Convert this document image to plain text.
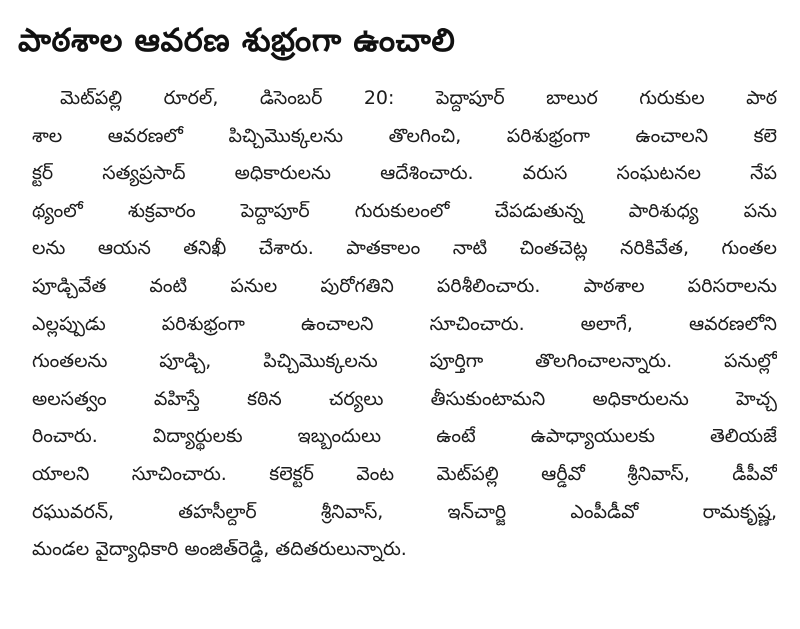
పాఠశాల ఆవరణ శుభ్రంగా ఉంచాలి
మెట్‌పల్లి రూరల్, డిసెంబర్ 20: పెద్దాపూర్ బాలుర గురుకుల పాఠ
శాల ఆవరణలో పిచ్చిమొక్కలను తొలగించి, పరిశుభ్రంగా ఉంచాలని కలె
క్టర్ సత్యప్రసాద్ అధికారులను ఆదేశించారు. వరుస సంఘటనల నేప
థ్యంలో శుక్రవారం పెద్దాపూర్ గురుకులంలో చేపడుతున్న పారిశుధ్య పను
లను ఆయన తనిఖీ చేశారు. పాతకాలం నాటి చింతచెట్ల నరికివేత, గుంతల
పూడ్చివేత వంటి పనుల పురోగతిని పరిశీలించారు. పాఠశాల పరిసరాలను
ఎల్లప్పుడు పరిశుభ్రంగా ఉంచాలని సూచించారు. అలాగే, ఆవరణలోని
గుంతలను పూడ్చి, పిచ్చిమొక్కలను పూర్తిగా తొలగించాలన్నారు. పనుల్లో
అలసత్వం వహిస్తే కఠిన చర్యలు తీసుకుంటామని అధికారులను హెచ్చ
రించారు. విద్యార్థులకు ఇబ్బందులు ఉంటే ఉపాధ్యాయులకు తెలియజే
యాలని సూచించారు. కలెక్టర్ వెంట మెట్‌పల్లి ఆర్డీవో శ్రీనివాస్, డీపీవో
రఘువరన్, తహసీల్దార్ శ్రీనివాస్, ఇన్‌చార్జి ఎంపీడీవో రామకృష్ణ,
మండల వైద్యాధికారి అంజిత్‌రెడ్డి, తదితరులున్నారు.
